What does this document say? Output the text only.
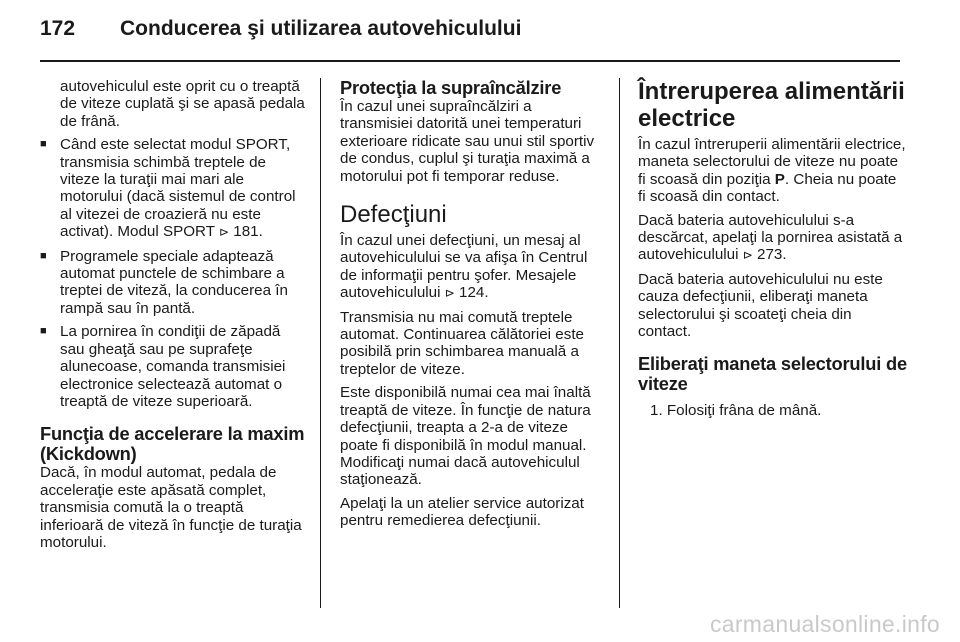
172 Conducerea şi utilizarea autovehiculului

autovehiculul este oprit cu o treaptă de viteze cuplată şi se apasă pedala de frână.

■ Când este selectat modul SPORT, transmisia schimbă treptele de viteze la turaţii mai mari ale motorului (dacă sistemul de control al vitezei de croazieră nu este activat). Modul SPORT ⊳ 181.
■ Programele speciale adaptează automat punctele de schimbare a treptei de viteză, la conducerea în rampă sau în pantă.
■ La pornirea în condiţii de zăpadă sau gheaţă sau pe suprafeţe alunecoase, comanda transmisiei electronice selectează automat o treaptă de viteze superioară.
Funcţia de accelerare la maxim (Kickdown)

Dacă, în modul automat, pedala de acceleraţie este apăsată complet, transmisia comută la o treaptă inferioară de viteză în funcţie de turaţia motorului.

Protecţia la supraîncălzire

În cazul unei supraîncălziri a transmisiei datorită unei temperaturi exterioare ridicate sau unui stil sportiv de condus, cuplul şi turaţia maximă a motorului pot fi temporar reduse.

Defecţiuni

În cazul unei defecţiuni, un mesaj al autovehiculului se va afişa în Centrul de informaţii pentru şofer. Mesajele autovehiculului ⊳ 124.

Transmisia nu mai comută treptele automat. Continuarea călătoriei este posibilă prin schimbarea manuală a treptelor de viteze.

Este disponibilă numai cea mai înaltă treaptă de viteze. În funcţie de natura defecţiunii, treapta a 2-a de viteze poate fi disponibilă în modul manual. Modificaţi numai dacă autovehiculul staţionează.

Apelaţi la un atelier service autorizat pentru remedierea defecţiunii.

Întreruperea alimentării electrice

În cazul întreruperii alimentării electrice, maneta selectorului de viteze nu poate fi scoasă din poziţia P. Cheia nu poate fi scoasă din contact.

Dacă bateria autovehiculului s-a descărcat, apelaţi la pornirea asistată a autovehiculului ⊳ 273.

Dacă bateria autovehiculului nu este cauza defecţiunii, eliberaţi maneta selectorului şi scoateţi cheia din contact.

Eliberaţi maneta selectorului de viteze
1. Folosiţi frâna de mână.
carmanualsonline.info
